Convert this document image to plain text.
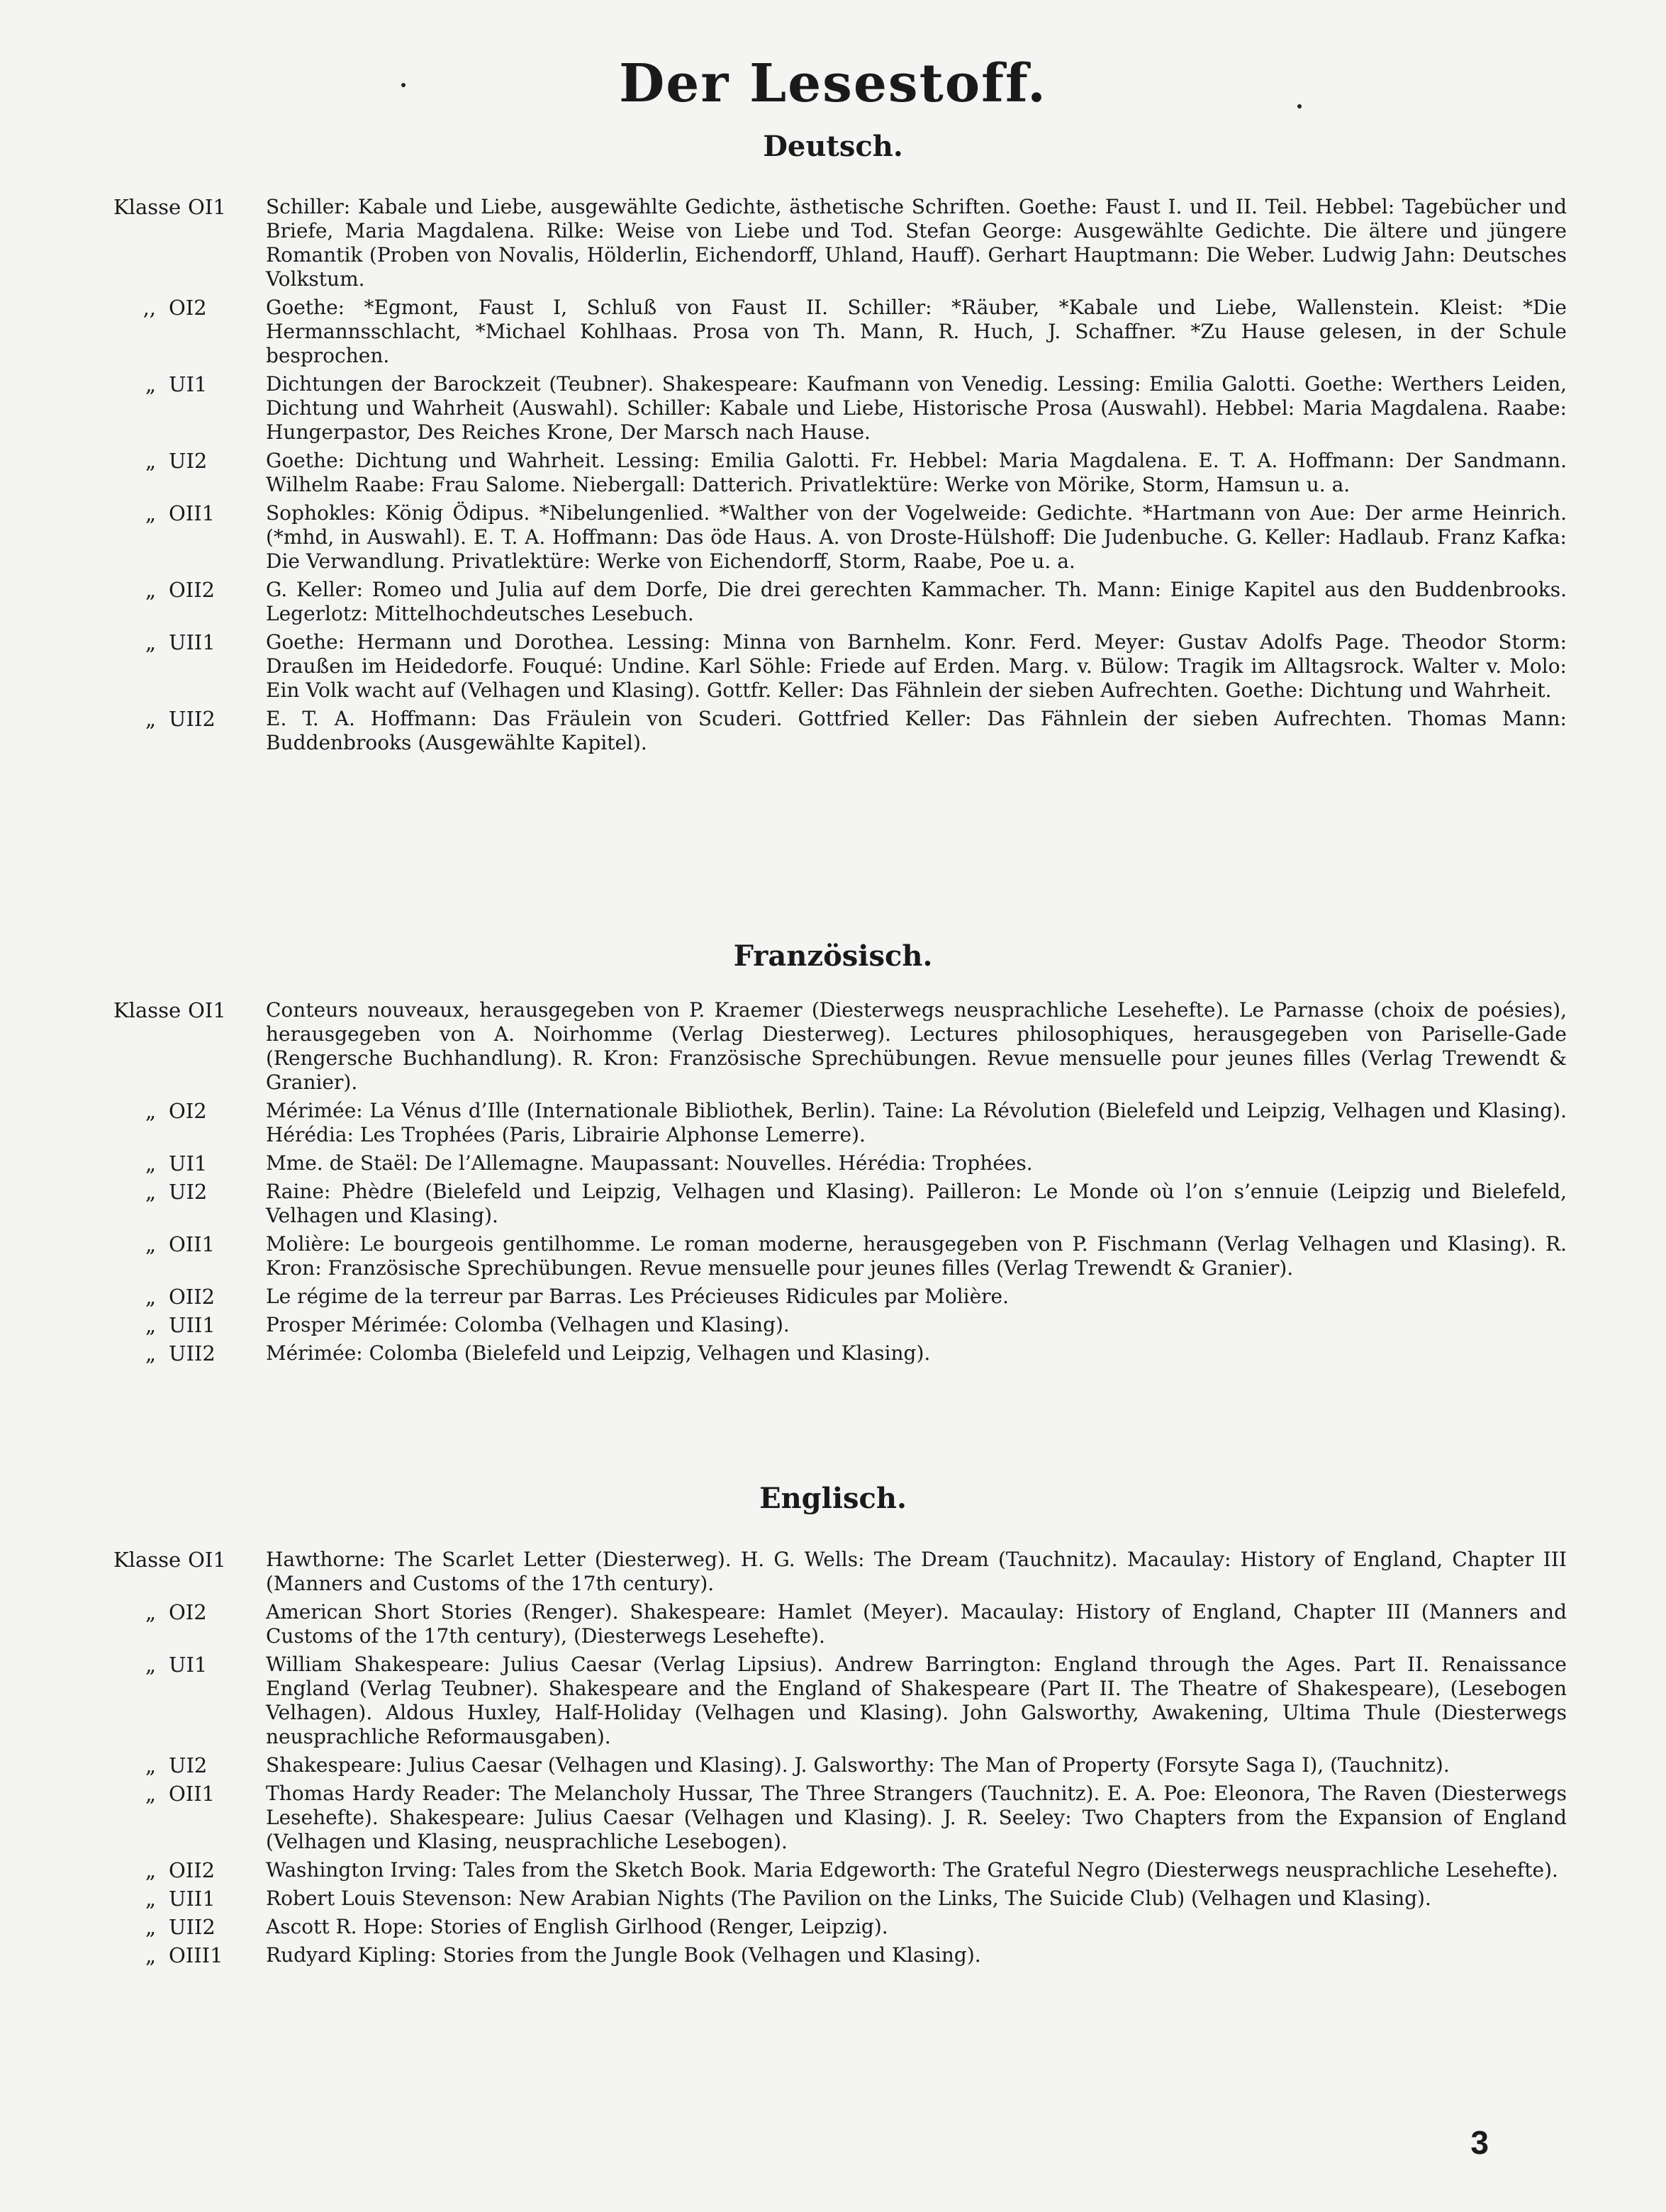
Der Lesestoff.
Deutsch.
Klasse OI1	Schiller: Kabale und Liebe, ausgewählte Gedichte, ästhetische Schriften. Goethe: Faust I. und II. Teil. Hebbel: Tagebücher und Briefe, Maria Magdalena. Rilke: Weise von Liebe und Tod. Stefan George: Ausgewählte Gedichte. Die ältere und jüngere Romantik (Proben von Novalis, Hölderlin, Eichendorff, Uhland, Hauff). Gerhart Hauptmann: Die Weber. Ludwig Jahn: Deutsches Volkstum.
,, OI2	Goethe: *Egmont, Faust I, Schluß von Faust II. Schiller: *Räuber, *Kabale und Liebe, Wallenstein. Kleist: *Die Hermannsschlacht, *Michael Kohlhaas. Prosa von Th. Mann, R. Huch, J. Schaffner. *Zu Hause gelesen, in der Schule besprochen.
„ UI1	Dichtungen der Barockzeit (Teubner). Shakespeare: Kaufmann von Venedig. Lessing: Emilia Galotti. Goethe: Werthers Leiden, Dichtung und Wahrheit (Auswahl). Schiller: Kabale und Liebe, Historische Prosa (Auswahl). Hebbel: Maria Magdalena. Raabe: Hungerpastor, Des Reiches Krone, Der Marsch nach Hause.
„ UI2	Goethe: Dichtung und Wahrheit. Lessing: Emilia Galotti. Fr. Hebbel: Maria Magdalena. E. T. A. Hoffmann: Der Sandmann. Wilhelm Raabe: Frau Salome. Niebergall: Datterich. Privatlektüre: Werke von Mörike, Storm, Hamsun u. a.
„ OII1	Sophokles: König Ödipus. *Nibelungenlied. *Walther von der Vogelweide: Gedichte. *Hartmann von Aue: Der arme Heinrich. (*mhd, in Auswahl). E. T. A. Hoffmann: Das öde Haus. A. von Droste-Hülshoff: Die Judenbuche. G. Keller: Hadlaub. Franz Kafka: Die Verwandlung. Privatlektüre: Werke von Eichendorff, Storm, Raabe, Poe u. a.
„ OII2	G. Keller: Romeo und Julia auf dem Dorfe, Die drei gerechten Kammacher. Th. Mann: Einige Kapitel aus den Buddenbrooks. Legerlotz: Mittelhochdeutsches Lesebuch.
„ UII1	Goethe: Hermann und Dorothea. Lessing: Minna von Barnhelm. Konr. Ferd. Meyer: Gustav Adolfs Page. Theodor Storm: Draußen im Heidedorfe. Fouqué: Undine. Karl Söhle: Friede auf Erden. Marg. v. Bülow: Tragik im Alltagsrock. Walter v. Molo: Ein Volk wacht auf (Velhagen und Klasing). Gottfr. Keller: Das Fähnlein der sieben Aufrechten. Goethe: Dichtung und Wahrheit.
„ UII2	E. T. A. Hoffmann: Das Fräulein von Scuderi. Gottfried Keller: Das Fähnlein der sieben Aufrechten. Thomas Mann: Buddenbrooks (Ausgewählte Kapitel).
Französisch.
Klasse OI1	Conteurs nouveaux, herausgegeben von P. Kraemer (Diesterwegs neusprachliche Lesehefte). Le Parnasse (choix de poésies), herausgegeben von A. Noirhomme (Verlag Diesterweg). Lectures philosophiques, herausgegeben von Pariselle-Gade (Rengersche Buchhandlung). R. Kron: Französische Sprechübungen. Revue mensuelle pour jeunes filles (Verlag Trewendt & Granier).
„ OI2	Mérimée: La Vénus d’Ille (Internationale Bibliothek, Berlin). Taine: La Révolution (Bielefeld und Leipzig, Velhagen und Klasing). Hérédia: Les Trophées (Paris, Librairie Alphonse Lemerre).
„ UI1	Mme. de Staël: De l’Allemagne. Maupassant: Nouvelles. Hérédia: Trophées.
„ UI2	Raine: Phèdre (Bielefeld und Leipzig, Velhagen und Klasing). Pailleron: Le Monde où l’on s’ennuie (Leipzig und Bielefeld, Velhagen und Klasing).
„ OII1	Molière: Le bourgeois gentilhomme. Le roman moderne, herausgegeben von P. Fischmann (Verlag Velhagen und Klasing). R. Kron: Französische Sprechübungen. Revue mensuelle pour jeunes filles (Verlag Trewendt & Granier).
„ OII2	Le régime de la terreur par Barras. Les Précieuses Ridicules par Molière.
„ UII1	Prosper Mérimée: Colomba (Velhagen und Klasing).
„ UII2	Mérimée: Colomba (Bielefeld und Leipzig, Velhagen und Klasing).
Englisch.
Klasse OI1	Hawthorne: The Scarlet Letter (Diesterweg). H. G. Wells: The Dream (Tauchnitz). Macaulay: History of England, Chapter III (Manners and Customs of the 17th century).
„ OI2	American Short Stories (Renger). Shakespeare: Hamlet (Meyer). Macaulay: History of England, Chapter III (Manners and Customs of the 17th century), (Diesterwegs Lesehefte).
„ UI1	William Shakespeare: Julius Caesar (Verlag Lipsius). Andrew Barrington: England through the Ages. Part II. Renaissance England (Verlag Teubner). Shakespeare and the England of Shakespeare (Part II. The Theatre of Shakespeare), (Lesebogen Velhagen). Aldous Huxley, Half-Holiday (Velhagen und Klasing). John Galsworthy, Awakening, Ultima Thule (Diesterwegs neusprachliche Reformausgaben).
„ UI2	Shakespeare: Julius Caesar (Velhagen und Klasing). J. Galsworthy: The Man of Property (Forsyte Saga I), (Tauchnitz).
„ OII1	Thomas Hardy Reader: The Melancholy Hussar, The Three Strangers (Tauchnitz). E. A. Poe: Eleonora, The Raven (Diesterwegs Lesehefte). Shakespeare: Julius Caesar (Velhagen und Klasing). J. R. Seeley: Two Chapters from the Expansion of England (Velhagen und Klasing, neusprachliche Lesebogen).
„ OII2	Washington Irving: Tales from the Sketch Book. Maria Edgeworth: The Grateful Negro (Diesterwegs neusprachliche Lesehefte).
„ UII1	Robert Louis Stevenson: New Arabian Nights (The Pavilion on the Links, The Suicide Club) (Velhagen und Klasing).
„ UII2	Ascott R. Hope: Stories of English Girlhood (Renger, Leipzig).
„ OIII1	Rudyard Kipling: Stories from the Jungle Book (Velhagen und Klasing).
3
